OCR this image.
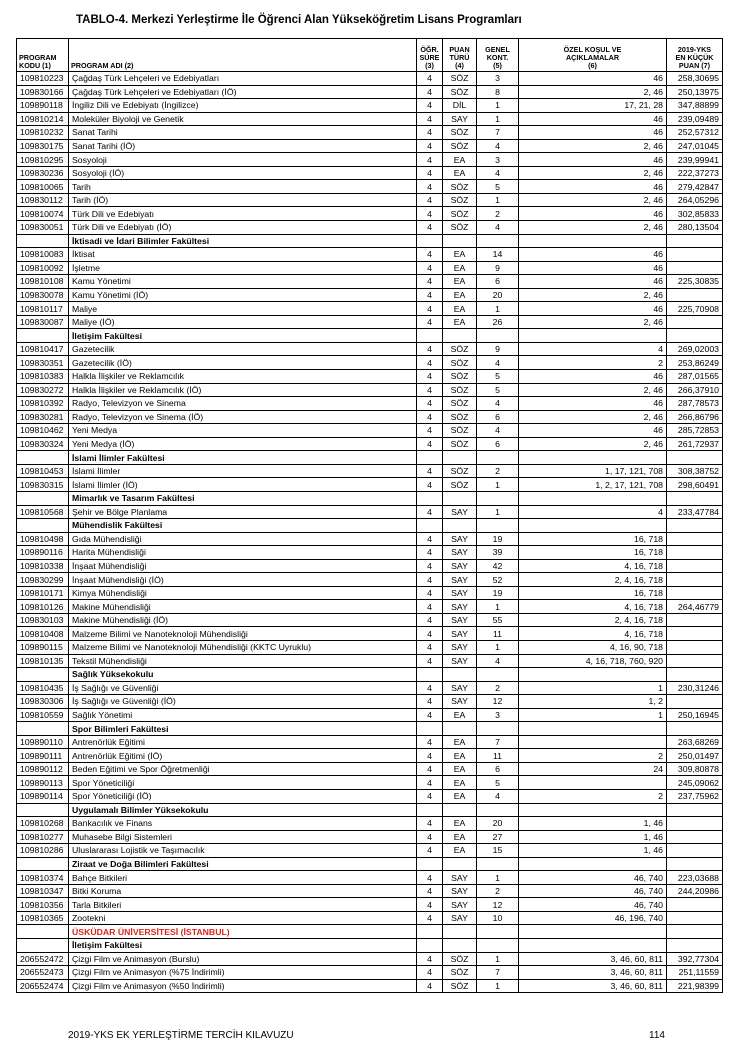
TABLO-4. Merkezi Yerleştirme İle Öğrenci Alan Yükseköğretim Lisans Programları
PROGRAM
KODU (1)	PROGRAM ADI (2)	ÖĞR.
SÜRE
(3)	PUAN
TÜRÜ
(4)	GENEL
KONT.
(5)	ÖZEL KOŞUL VE
AÇIKLAMALAR
(6)	2019-YKS
EN KÜÇÜK
PUAN (7)
109810223	Çağdaş Türk Lehçeleri ve Edebiyatları	4	SÖZ	3	46	258,30695
109830166	Çağdaş Türk Lehçeleri ve Edebiyatları (İÖ)	4	SÖZ	8	2, 46	250,13975
109890118	İngiliz Dili ve Edebiyatı (İngilizce)	4	DİL	1	17, 21, 28	347,88899
109810214	Moleküler Biyoloji ve Genetik	4	SAY	1	46	239,09489
109810232	Sanat Tarihi	4	SÖZ	7	46	252,57312
109830175	Sanat Tarihi (İÖ)	4	SÖZ	4	2, 46	247,01045
109810295	Sosyoloji	4	EA	3	46	239,99941
109830236	Sosyoloji (İÖ)	4	EA	4	2, 46	222,37273
109810065	Tarih	4	SÖZ	5	46	279,42847
109830112	Tarih (İÖ)	4	SÖZ	1	2, 46	264,05296
109810074	Türk Dili ve Edebiyatı	4	SÖZ	2	46	302,85833
109830051	Türk Dili ve Edebiyatı (İÖ)	4	SÖZ	4	2, 46	280,13504
	İktisadi ve İdari Bilimler Fakültesi					
109810083	İktisat	4	EA	14	46	
109810092	İşletme	4	EA	9	46	
109810108	Kamu Yönetimi	4	EA	6	46	225,30835
109830078	Kamu Yönetimi (İÖ)	4	EA	20	2, 46	
109810117	Maliye	4	EA	1	46	225,70908
109830087	Maliye (İÖ)	4	EA	26	2, 46	
	İletişim Fakültesi					
109810417	Gazetecilik	4	SÖZ	9	4	269,02003
109830351	Gazetecilik (İÖ)	4	SÖZ	4	2	253,86249
109810383	Halkla İlişkiler ve Reklamcılık	4	SÖZ	5	46	287,01565
109830272	Halkla İlişkiler ve Reklamcılık (İÖ)	4	SÖZ	5	2, 46	266,37910
109810392	Radyo, Televizyon ve Sinema	4	SÖZ	4	46	287,78573
109830281	Radyo, Televizyon ve Sinema (İÖ)	4	SÖZ	6	2, 46	266,86796
109810462	Yeni Medya	4	SÖZ	4	46	285,72853
109830324	Yeni Medya (İÖ)	4	SÖZ	6	2, 46	261,72937
	İslami İlimler Fakültesi					
109810453	İslami İlimler	4	SÖZ	2	1, 17, 121, 708	308,38752
109830315	İslami İlimler (İÖ)	4	SÖZ	1	1, 2, 17, 121, 708	298,60491
	Mimarlık ve Tasarım Fakültesi					
109810568	Şehir ve Bölge Planlama	4	SAY	1	4	233,47784
	Mühendislik Fakültesi					
109810498	Gıda Mühendisliği	4	SAY	19	16, 718	
109890116	Harita Mühendisliği	4	SAY	39	16, 718	
109810338	İnşaat Mühendisliği	4	SAY	42	4, 16, 718	
109830299	İnşaat Mühendisliği (İÖ)	4	SAY	52	2, 4, 16, 718	
109810171	Kimya Mühendisliği	4	SAY	19	16, 718	
109810126	Makine Mühendisliği	4	SAY	1	4, 16, 718	264,46779
109830103	Makine Mühendisliği (İÖ)	4	SAY	55	2, 4, 16, 718	
109810408	Malzeme Bilimi ve Nanoteknoloji Mühendisliği	4	SAY	11	4, 16, 718	
109890115	Malzeme Bilimi ve Nanoteknoloji Mühendisliği (KKTC Uyruklu)	4	SAY	1	4, 16, 90, 718	
109810135	Tekstil Mühendisliği	4	SAY	4	4, 16, 718, 760, 920	
	Sağlık Yüksekokulu					
109810435	İş Sağlığı ve Güvenliği	4	SAY	2	1	230,31246
109830306	İş Sağlığı ve Güvenliği (İÖ)	4	SAY	12	1, 2	
109810559	Sağlık Yönetimi	4	EA	3	1	250,16945
	Spor Bilimleri Fakültesi					
109890110	Antrenörlük Eğitimi	4	EA	7		263,68269
109890111	Antrenörlük Eğitimi (İÖ)	4	EA	11	2	250,01497
109890112	Beden Eğitimi ve Spor Öğretmenliği	4	EA	6	24	309,80878
109890113	Spor Yöneticiliği	4	EA	5		245,09062
109890114	Spor Yöneticiliği (İÖ)	4	EA	4	2	237,75962
	Uygulamalı Bilimler Yüksekokulu					
109810268	Bankacılık ve Finans	4	EA	20	1, 46	
109810277	Muhasebe Bilgi Sistemleri	4	EA	27	1, 46	
109810286	Uluslararası Lojistik ve Taşımacılık	4	EA	15	1, 46	
	Ziraat ve Doğa Bilimleri Fakültesi					
109810374	Bahçe Bitkileri	4	SAY	1	46, 740	223,03688
109810347	Bitki Koruma	4	SAY	2	46, 740	244,20986
109810356	Tarla Bitkileri	4	SAY	12	46, 740	
109810365	Zootekni	4	SAY	10	46, 196, 740	
	ÜSKÜDAR ÜNİVERSİTESİ (İSTANBUL)					
	İletişim Fakültesi					
206552472	Çizgi Film ve Animasyon (Burslu)	4	SÖZ	1	3, 46, 60, 811	392,77304
206552473	Çizgi Film ve Animasyon (%75 İndirimli)	4	SÖZ	7	3, 46, 60, 811	251,11559
206552474	Çizgi Film ve Animasyon (%50 İndirimli)	4	SÖZ	1	3, 46, 60, 811	221,98399
2019-YKS EK YERLEŞTİRME TERCİH KILAVUZU	114
